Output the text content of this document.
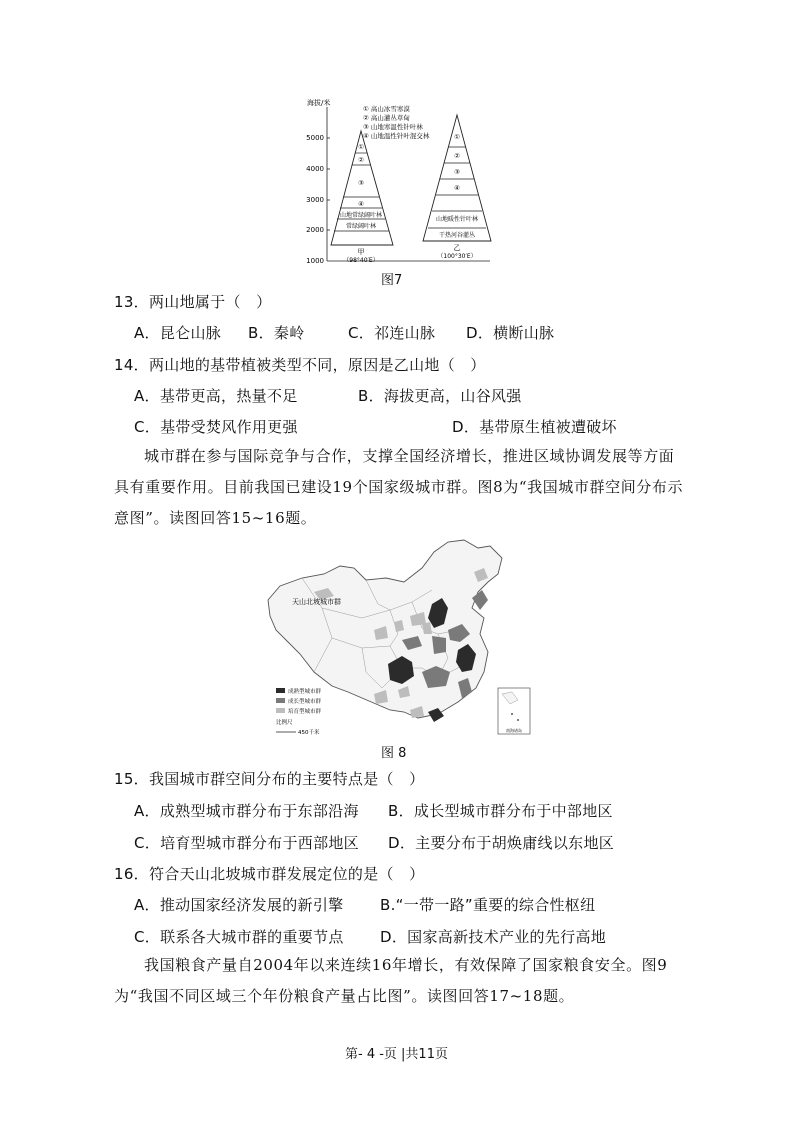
海拔/米
5000
4000
3000
2000
1000
① 高山冰雪寒漠
② 高山灌丛草甸
③ 山地寒温性针叶林
④ 山地温性针叶混交林
①
②
③
④
山地常绿阔叶林
常绿阔叶林
甲
（98°40′E）
①
②
③
④
山地暖性针叶林
干热河谷灌丛
乙
（100°30′E）
图7
13．两山地属于（　）
A．昆仑山脉 B．秦岭	C．祁连山脉 D．横断山脉
14．两山地的基带植被类型不同，原因是乙山地（　）
A．基带更高，热量不足	B．海拔更高，山谷风强
C．基带受焚风作用更强	D．基带原生植被遭破坏
城市群在参与国际竞争与合作，支撑全国经济增长，推进区域协调发展等方面具有重要作用。目前我国已建设19个国家级城市群。图8为“我国城市群空间分布示意图”。读图回答15~16题。
天山北坡城市群
成熟型城市群
成长型城市群
培育型城市群
比例尺
450千米	南海诸岛
图 8
15．我国城市群空间分布的主要特点是（　）
A．成熟型城市群分布于东部沿海 B．成长型城市群分布于中部地区
C．培育型城市群分布于西部地区 D．主要分布于胡焕庸线以东地区
16．符合天山北坡城市群发展定位的是（　）
A．推动国家经济发展的新引擎 B.“一带一路”重要的综合性枢纽
C．联系各大城市群的重要节点 D．国家高新技术产业的先行高地
我国粮食产量自2004年以来连续16年增长，有效保障了国家粮食安全。图9为“我国不同区域三个年份粮食产量占比图”。读图回答17~18题。
第- 4 -页 |共11页
